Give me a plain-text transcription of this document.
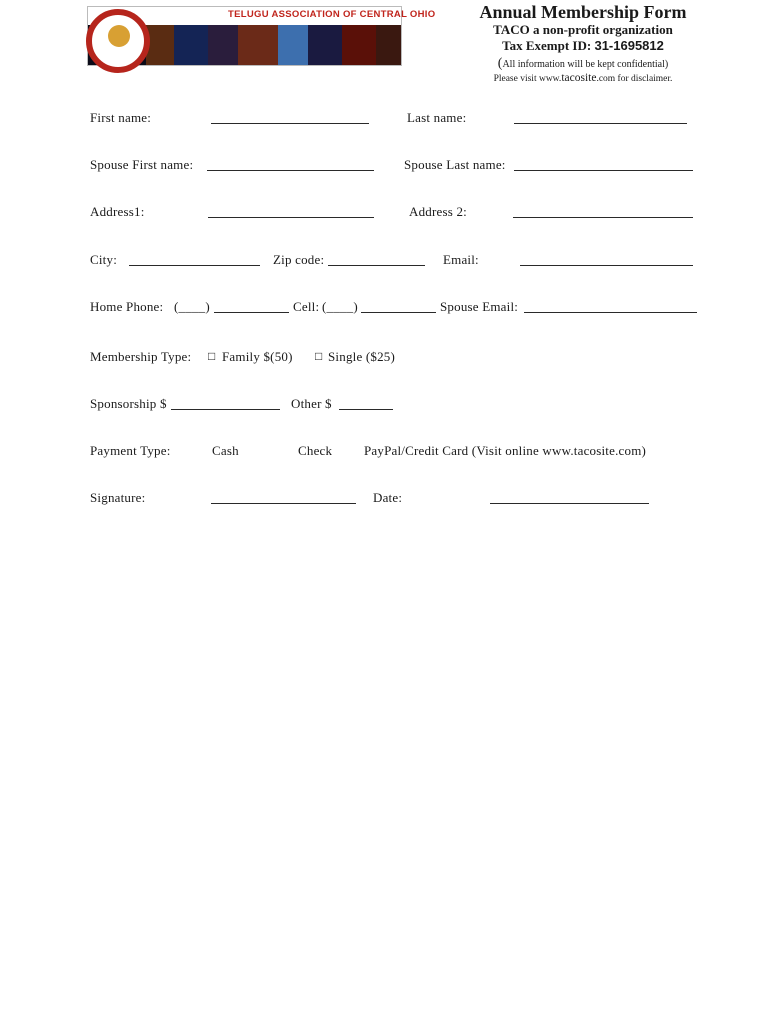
TELUGU ASSOCIATION OF CENTRAL OHIO	Annual Membership Form
TACO a non-profit organization
Tax Exempt ID: 31-1695812
(All information will be kept confidential)
Please visit www.tacosite.com for disclaimer.
First name:	Last name:
Spouse First name:	Spouse Last name:
Address1:	Address 2:
City:	Zip code:	Email:
Home Phone: (____)	Cell: (____)	Spouse Email:
Membership Type: □ Family $(50) □ Single ($25)
Sponsorship $	Other $
Payment Type:	Cash	Check PayPal/Credit Card (Visit online www.tacosite.com)
Signature:	Date:
